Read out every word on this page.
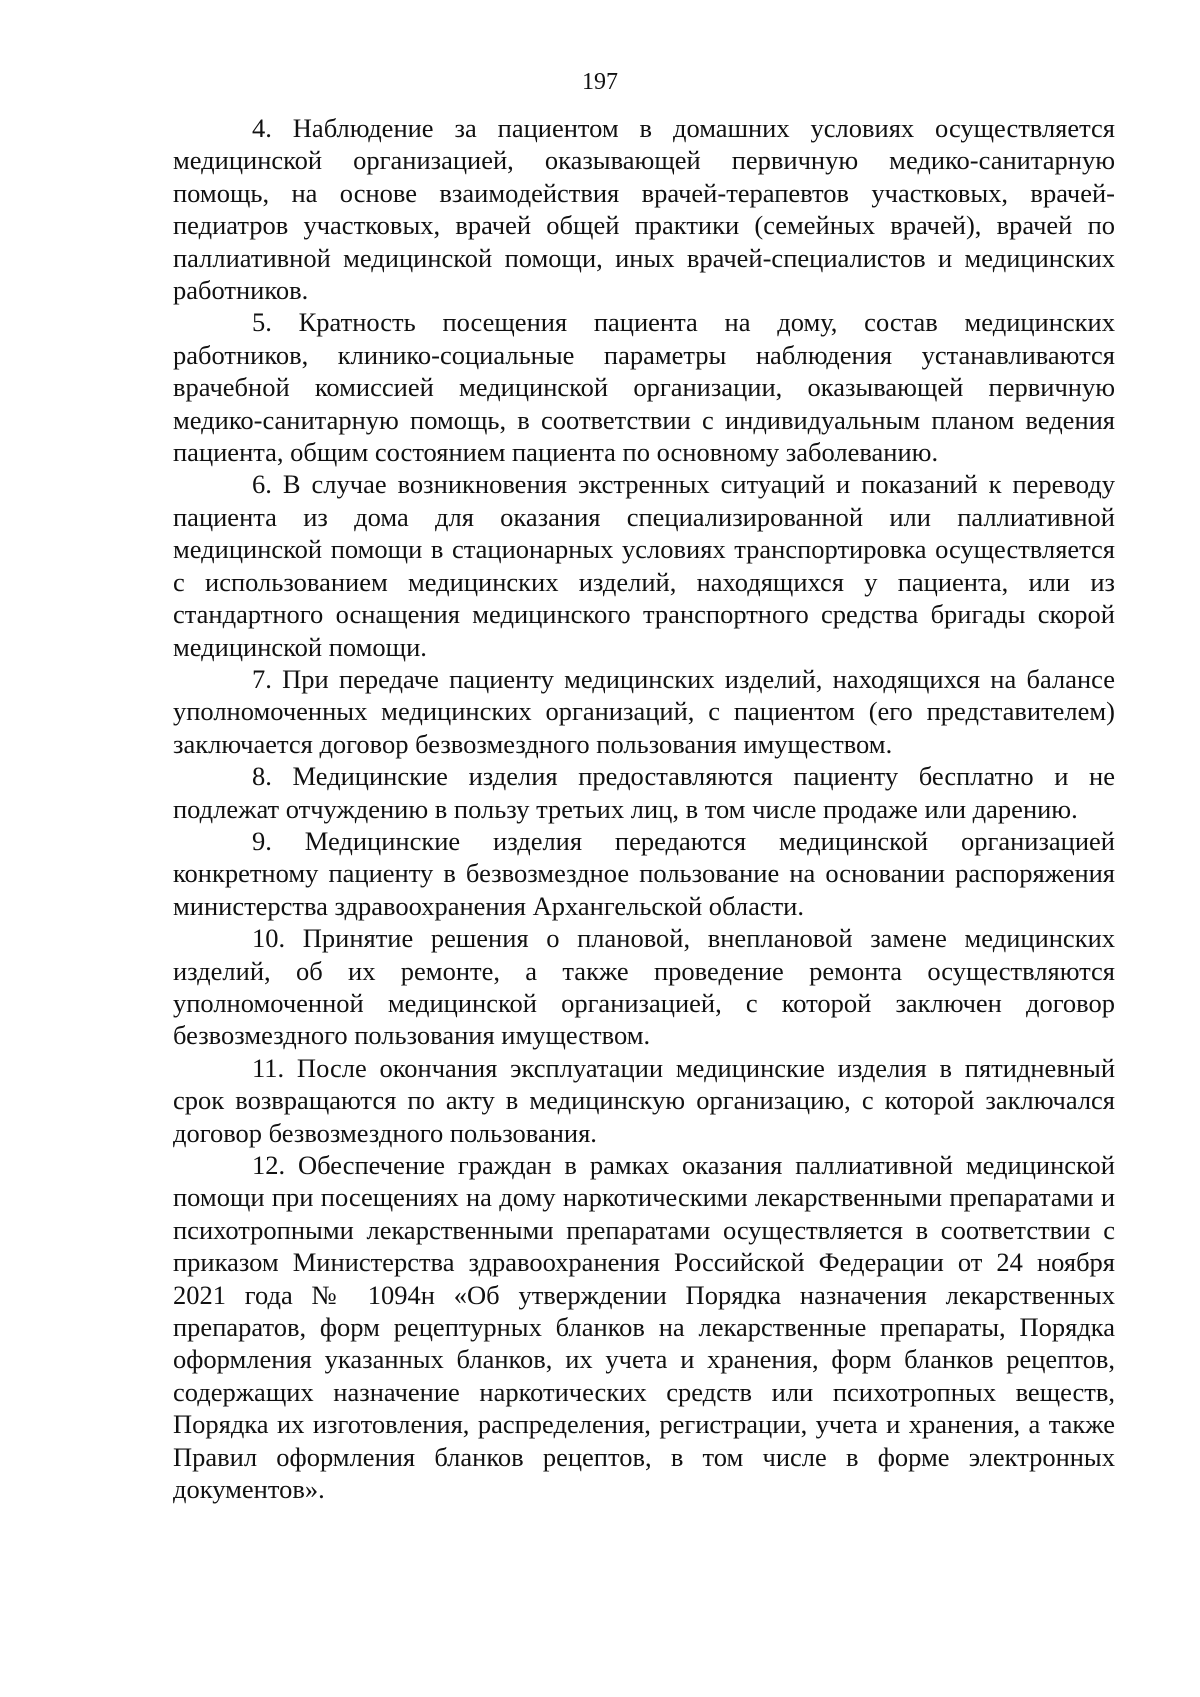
197

4. Наблюдение за пациентом в домашних условиях осуществляется медицинской организацией, оказывающей первичную медико-санитарную помощь, на основе взаимодействия врачей-терапевтов участковых, врачей-педиатров участковых, врачей общей практики (семейных врачей), врачей по паллиативной медицинской помощи, иных врачей-специалистов и медицинских работников.

5. Кратность посещения пациента на дому, состав медицинских работников, клинико-социальные параметры наблюдения устанавливаются врачебной комиссией медицинской организации, оказывающей первичную медико-санитарную помощь, в соответствии с индивидуальным планом ведения пациента, общим состоянием пациента по основному заболеванию.

6. В случае возникновения экстренных ситуаций и показаний к переводу пациента из дома для оказания специализированной или паллиативной медицинской помощи в стационарных условиях транспортировка осуществляется с использованием медицинских изделий, находящихся у пациента, или из стандартного оснащения медицинского транспортного средства бригады скорой медицинской помощи.

7. При передаче пациенту медицинских изделий, находящихся на балансе уполномоченных медицинских организаций, с пациентом (его представителем) заключается договор безвозмездного пользования имуществом.

8. Медицинские изделия предоставляются пациенту бесплатно и не подлежат отчуждению в пользу третьих лиц, в том числе продаже или дарению.

9. Медицинские изделия передаются медицинской организацией конкретному пациенту в безвозмездное пользование на основании распоряжения министерства здравоохранения Архангельской области.

10. Принятие решения о плановой, внеплановой замене медицинских изделий, об их ремонте, а также проведение ремонта осуществляются уполномоченной медицинской организацией, с которой заключен договор безвозмездного пользования имуществом.

11. После окончания эксплуатации медицинские изделия в пятидневный срок возвращаются по акту в медицинскую организацию, с которой заключался договор безвозмездного пользования.

12. Обеспечение граждан в рамках оказания паллиативной медицинской помощи при посещениях на дому наркотическими лекарственными препаратами и психотропными лекарственными препаратами осуществляется в соответствии с приказом Министерства здравоохранения Российской Федерации от 24 ноября 2021 года № 1094н «Об утверждении Порядка назначения лекарственных препаратов, форм рецептурных бланков на лекарственные препараты, Порядка оформления указанных бланков, их учета и хранения, форм бланков рецептов, содержащих назначение наркотических средств или психотропных веществ, Порядка их изготовления, распределения, регистрации, учета и хранения, а также Правил оформления бланков рецептов, в том числе в форме электронных документов».
